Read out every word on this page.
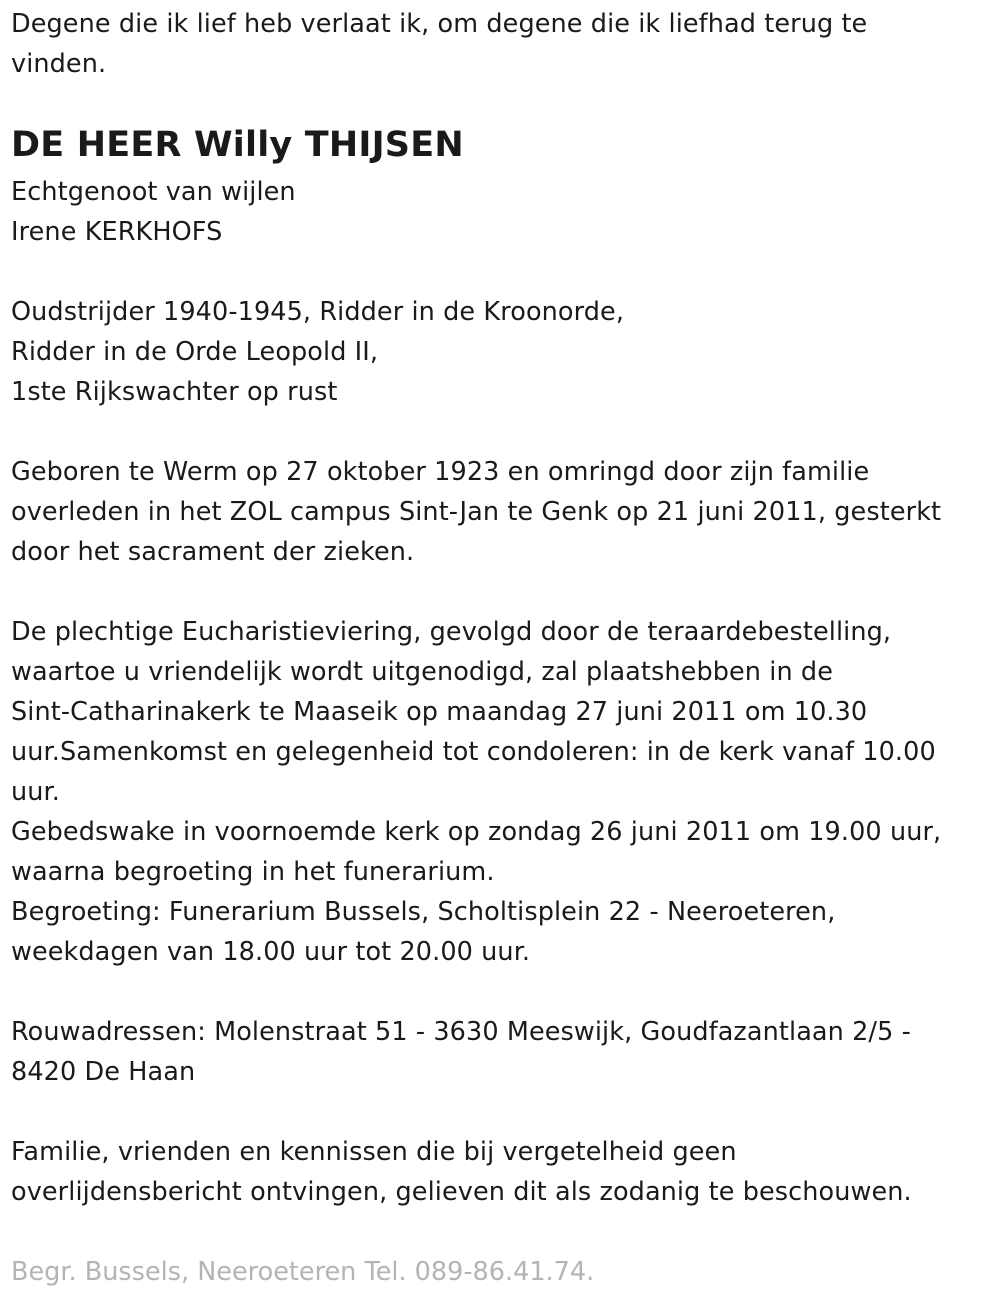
Degene die ik lief heb verlaat ik, om degene die ik liefhad terug te
vinden.
DE HEER Willy THIJSEN
Echtgenoot van wijlen
Irene KERKHOFS
Oudstrijder 1940-1945, Ridder in de Kroonorde,
Ridder in de Orde Leopold II,
1ste Rijkswachter op rust
Geboren te Werm op 27 oktober 1923 en omringd door zijn familie
overleden in het ZOL campus Sint-Jan te Genk op 21 juni 2011, gesterkt
door het sacrament der zieken.
De plechtige Eucharistieviering, gevolgd door de teraardebestelling,
waartoe u vriendelijk wordt uitgenodigd, zal plaatshebben in de
Sint-Catharinakerk te Maaseik op maandag 27 juni 2011 om 10.30
uur.Samenkomst en gelegenheid tot condoleren: in de kerk vanaf 10.00
uur.
Gebedswake in voornoemde kerk op zondag 26 juni 2011 om 19.00 uur,
waarna begroeting in het funerarium.
Begroeting: Funerarium Bussels, Scholtisplein 22 - Neeroeteren,
weekdagen van 18.00 uur tot 20.00 uur.
Rouwadressen: Molenstraat 51 - 3630 Meeswijk, Goudfazantlaan 2/5 -
8420 De Haan
Familie, vrienden en kennissen die bij vergetelheid geen
overlijdensbericht ontvingen, gelieven dit als zodanig te beschouwen.
Begr. Bussels, Neeroeteren Tel. 089-86.41.74.
